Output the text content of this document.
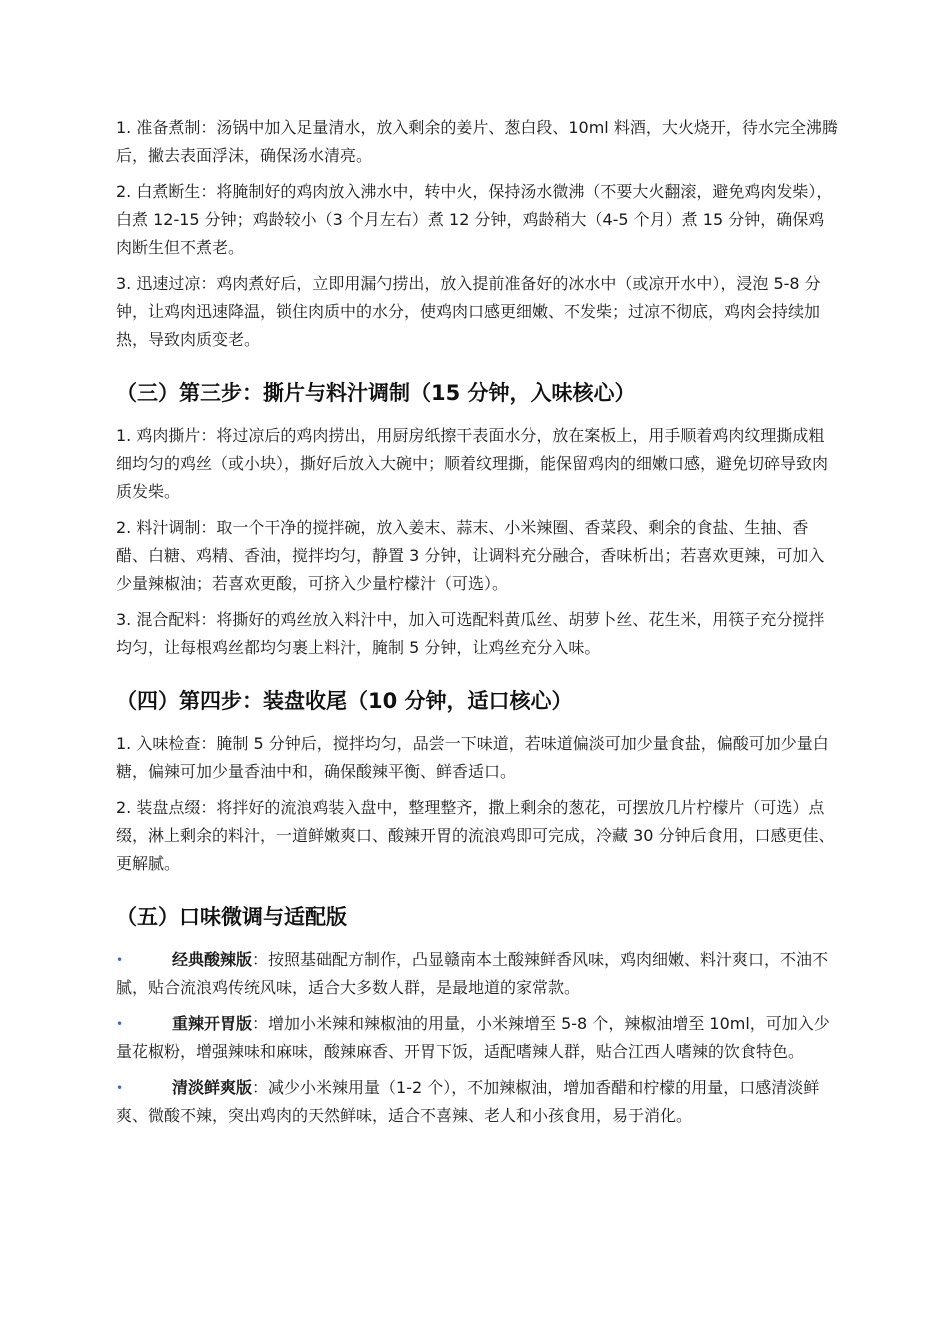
1. 准备煮制：汤锅中加入足量清水，放入剩余的姜片、葱白段、10ml 料酒，大火烧开，待水完全沸腾后，撇去表面浮沫，确保汤水清亮。

2. 白煮断生：将腌制好的鸡肉放入沸水中，转中火，保持汤水微沸（不要大火翻滚，避免鸡肉发柴），白煮 12-15 分钟；鸡龄较小（3 个月左右）煮 12 分钟，鸡龄稍大（4-5 个月）煮 15 分钟，确保鸡肉断生但不煮老。

3. 迅速过凉：鸡肉煮好后，立即用漏勺捞出，放入提前准备好的冰水中（或凉开水中），浸泡 5-8 分钟，让鸡肉迅速降温，锁住肉质中的水分，使鸡肉口感更细嫩、不发柴；过凉不彻底，鸡肉会持续加热，导致肉质变老。

（三）第三步：撕片与料汁调制（15 分钟，入味核心）

1. 鸡肉撕片：将过凉后的鸡肉捞出，用厨房纸擦干表面水分，放在案板上，用手顺着鸡肉纹理撕成粗细均匀的鸡丝（或小块），撕好后放入大碗中；顺着纹理撕，能保留鸡肉的细嫩口感，避免切碎导致肉质发柴。

2. 料汁调制：取一个干净的搅拌碗，放入姜末、蒜末、小米辣圈、香菜段、剩余的食盐、生抽、香醋、白糖、鸡精、香油，搅拌均匀，静置 3 分钟，让调料充分融合，香味析出；若喜欢更辣，可加入少量辣椒油；若喜欢更酸，可挤入少量柠檬汁（可选）。

3. 混合配料：将撕好的鸡丝放入料汁中，加入可选配料黄瓜丝、胡萝卜丝、花生米，用筷子充分搅拌均匀，让每根鸡丝都均匀裹上料汁，腌制 5 分钟，让鸡丝充分入味。

（四）第四步：装盘收尾（10 分钟，适口核心）

1. 入味检查：腌制 5 分钟后，搅拌均匀，品尝一下味道，若味道偏淡可加少量食盐，偏酸可加少量白糖，偏辣可加少量香油中和，确保酸辣平衡、鲜香适口。

2. 装盘点缀：将拌好的流浪鸡装入盘中，整理整齐，撒上剩余的葱花，可摆放几片柠檬片（可选）点缀，淋上剩余的料汁，一道鲜嫩爽口、酸辣开胃的流浪鸡即可完成，冷藏 30 分钟后食用，口感更佳、更解腻。

（五）口味微调与适配版
•	经典酸辣版：按照基础配方制作，凸显赣南本土酸辣鲜香风味，鸡肉细嫩、料汁爽口，不油不腻，贴合流浪鸡传统风味，适合大多数人群，是最地道的家常款。
•	重辣开胃版：增加小米辣和辣椒油的用量，小米辣增至 5-8 个，辣椒油增至 10ml，可加入少量花椒粉，增强辣味和麻味，酸辣麻香、开胃下饭，适配嗜辣人群，贴合江西人嗜辣的饮食特色。
•	清淡鲜爽版：减少小米辣用量（1-2 个），不加辣椒油，增加香醋和柠檬的用量，口感清淡鲜爽、微酸不辣，突出鸡肉的天然鲜味，适合不喜辣、老人和小孩食用，易于消化。
